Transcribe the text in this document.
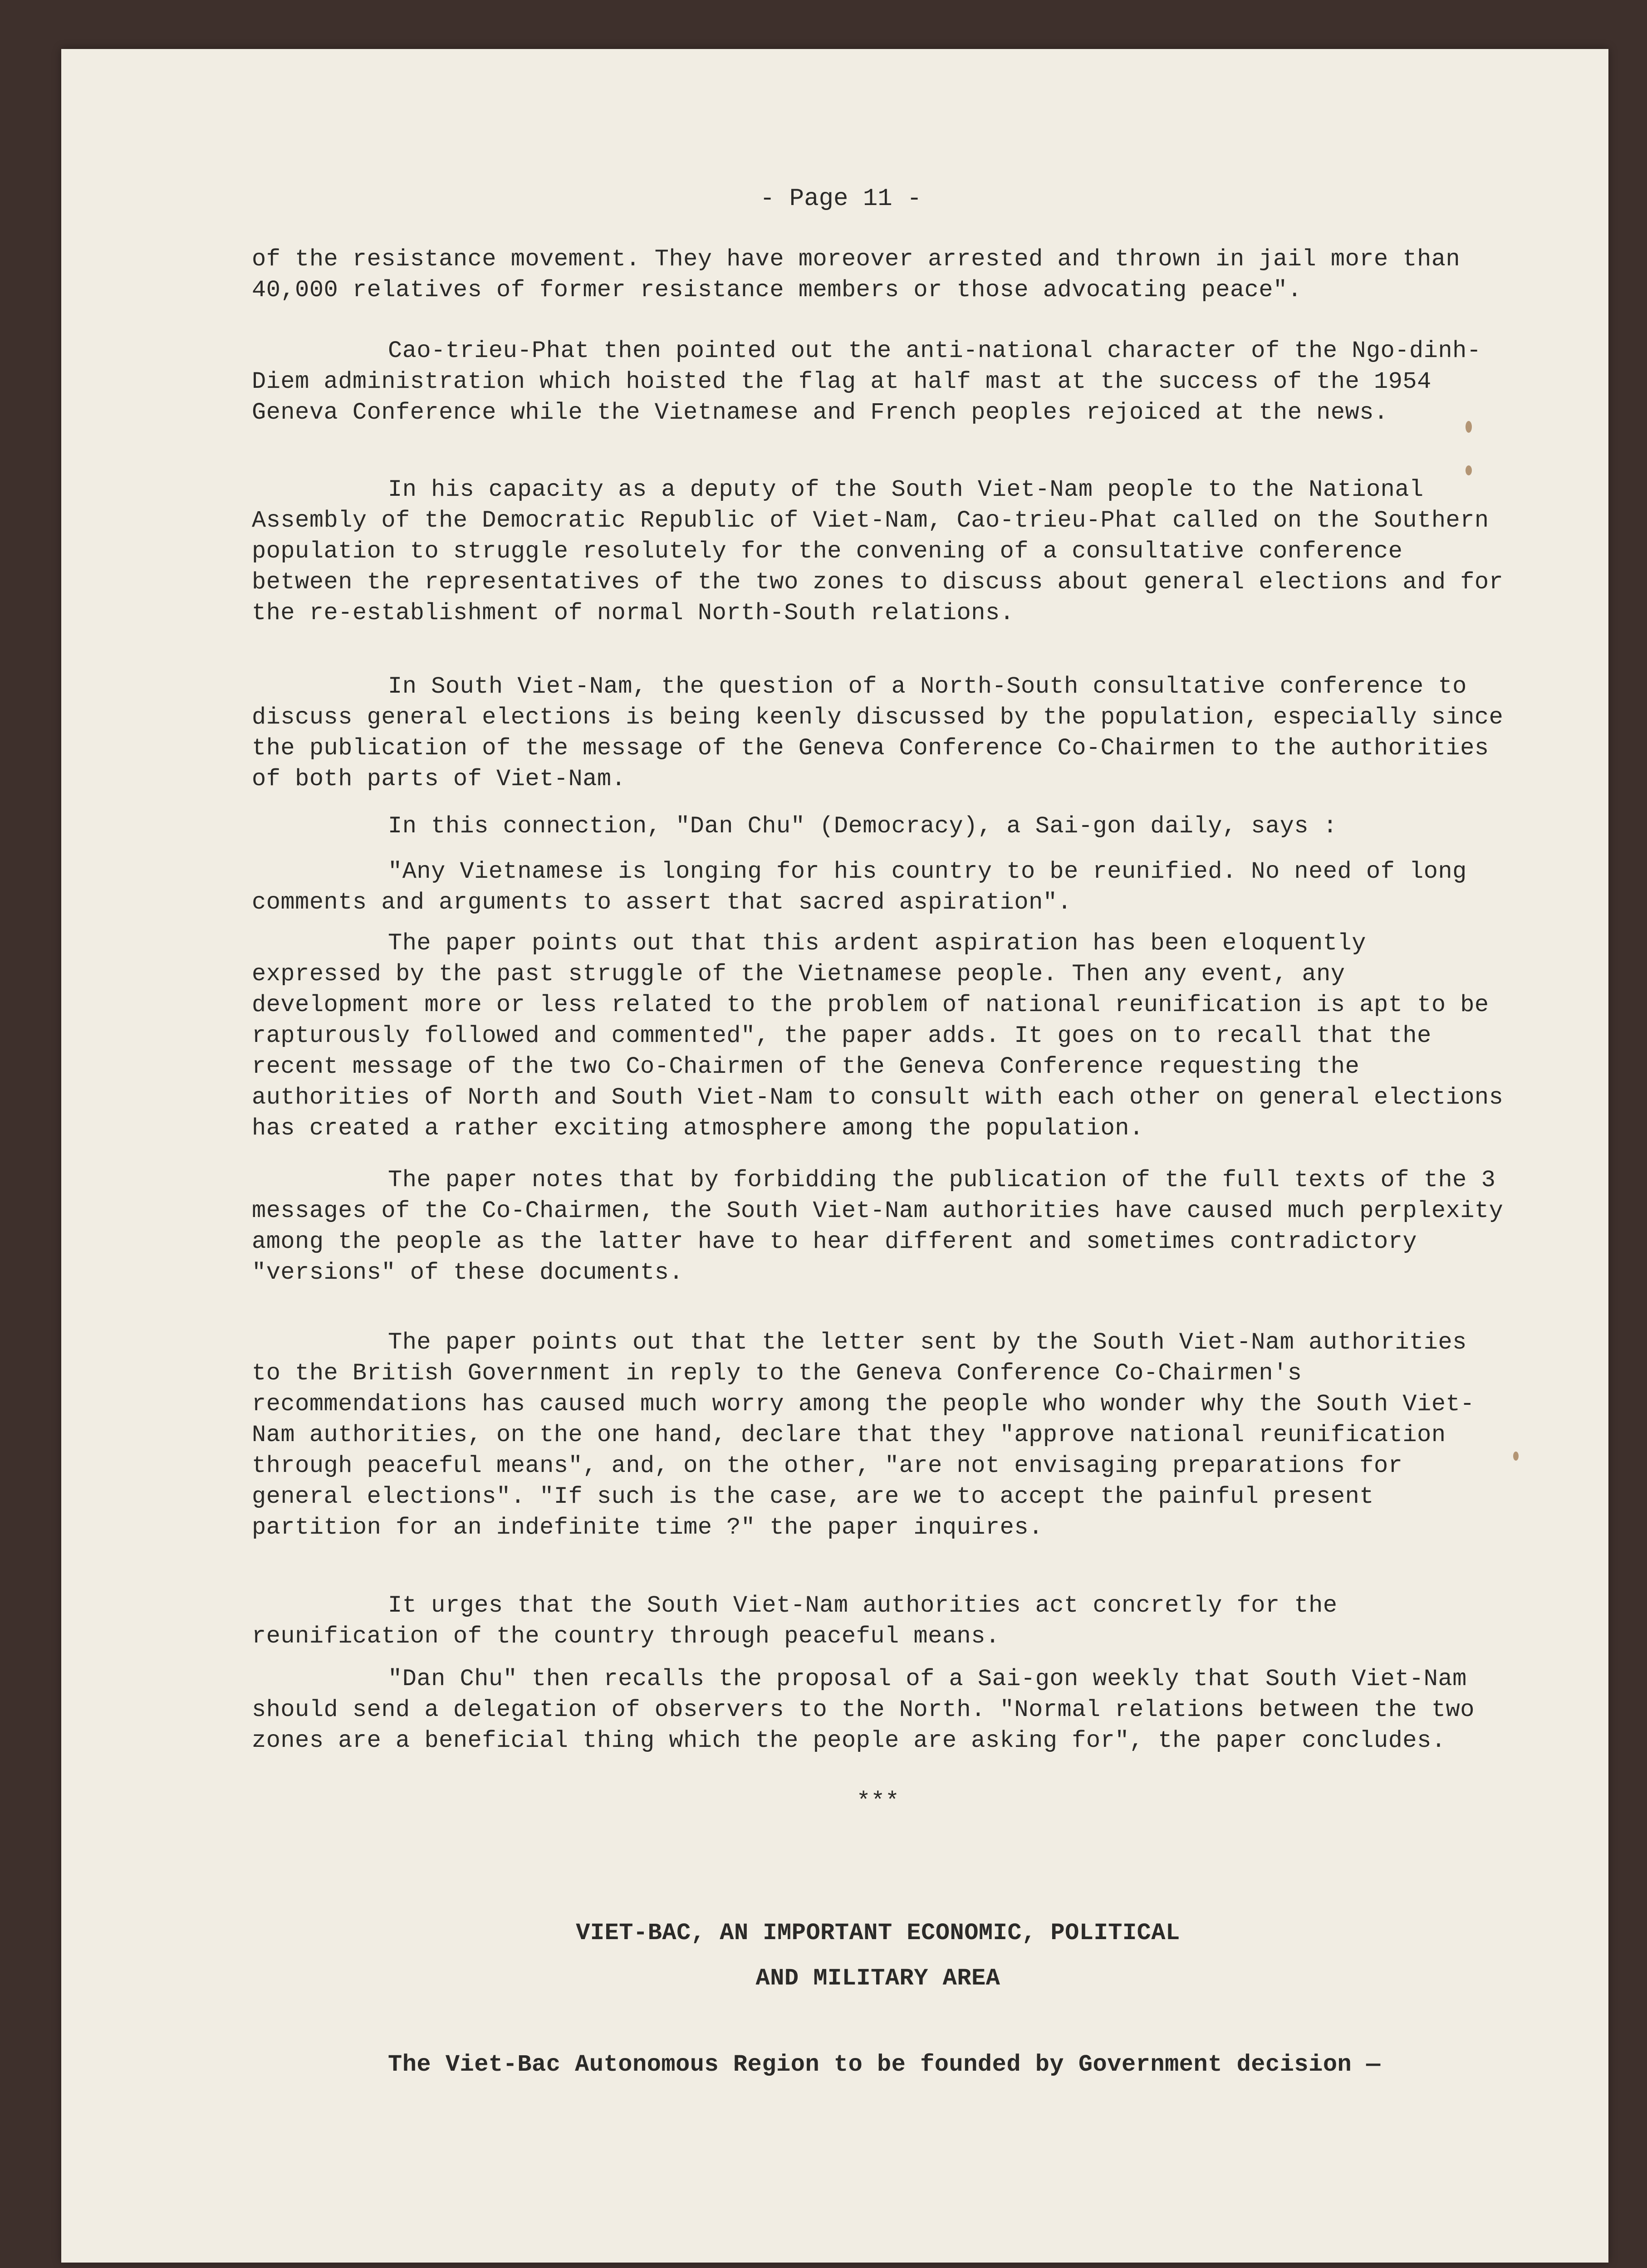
- Page 11 -

of the resistance movement. They have moreover arrested and thrown in jail more than 40,000 relatives of former resistance members or those advocating peace".

Cao-trieu-Phat then pointed out the anti-national character of the Ngo-dinh-Diem administration which hoisted the flag at half mast at the success of the 1954 Geneva Conference while the Vietnamese and French peoples rejoiced at the news.

In his capacity as a deputy of the South Viet-Nam people to the National Assembly of the Democratic Republic of Viet-Nam, Cao-trieu-Phat called on the Southern population to struggle resolutely for the convening of a consultative conference between the representatives of the two zones to discuss about general elections and for the re-establishment of normal North-South relations.

In South Viet-Nam, the question of a North-South consultative conference to discuss general elections is being keenly discussed by the population, especially since the publication of the message of the Geneva Conference Co-Chairmen to the authorities of both parts of Viet-Nam.

In this connection, "Dan Chu" (Democracy), a Sai-gon daily, says :

"Any Vietnamese is longing for his country to be reunified. No need of long comments and arguments to assert that sacred aspiration".

The paper points out that this ardent aspiration has been eloquently expressed by the past struggle of the Vietnamese people. Then any event, any development more or less related to the problem of national reunification is apt to be rapturously followed and commented", the paper adds. It goes on to recall that the recent message of the two Co-Chairmen of the Geneva Conference requesting the authorities of North and South Viet-Nam to consult with each other on general elections has created a rather exciting atmosphere among the population.

The paper notes that by forbidding the publication of the full texts of the 3 messages of the Co-Chairmen, the South Viet-Nam authorities have caused much perplexity among the people as the latter have to hear different and sometimes contradictory "versions" of these documents.

The paper points out that the letter sent by the South Viet-Nam authorities to the British Government in reply to the Geneva Conference Co-Chairmen's recommendations has caused much worry among the people who wonder why the South Viet-Nam authorities, on the one hand, declare that they "approve national reunification through peaceful means", and, on the other, "are not envisaging preparations for general elections". "If such is the case, are we to accept the painful present partition for an indefinite time ?" the paper inquires.

It urges that the South Viet-Nam authorities act concretly for the reunification of the country through peaceful means.

"Dan Chu" then recalls the proposal of a Sai-gon weekly that South Viet-Nam should send a delegation of observers to the North. "Normal relations between the two zones are a beneficial thing which the people are asking for", the paper concludes.

***

VIET-BAC, AN IMPORTANT ECONOMIC, POLITICAL

AND MILITARY AREA

The Viet-Bac Autonomous Region to be founded by Government decision —
